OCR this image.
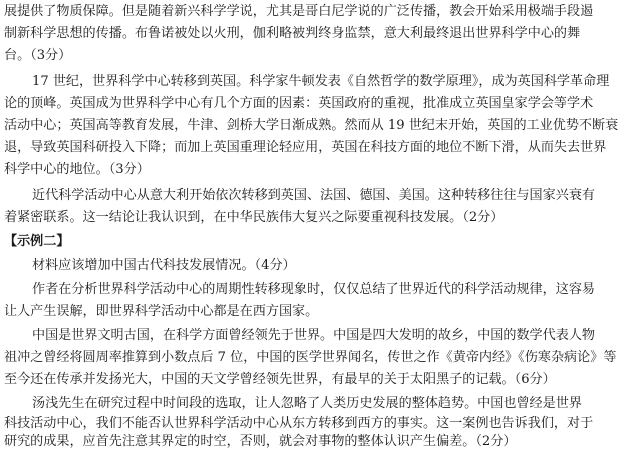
展提供了物质保障。但是随着新兴科学学说，尤其是哥白尼学说的广泛传播，教会开始采用极端手段遏
制新科学思想的传播。布鲁诺被处以火刑，伽利略被判终身监禁，意大利最终退出世界科学中心的舞
台。（3分）
17 世纪，世界科学中心转移到英国。科学家牛顿发表《自然哲学的数学原理》，成为英国科学革命理
论的顶峰。英国成为世界科学中心有几个方面的因素：英国政府的重视，批准成立英国皇家学会等学术
活动中心；英国高等教育发展，牛津、剑桥大学日渐成熟。然而从 19 世纪末开始，英国的工业优势不断衰
退，导致英国科研投入下降；而加上英国重理论轻应用，英国在科技方面的地位不断下滑，从而失去世界
科学中心的地位。（3分）
近代科学活动中心从意大利开始依次转移到英国、法国、德国、美国。这种转移往往与国家兴衰有
着紧密联系。这一结论让我认识到，在中华民族伟大复兴之际要重视科技发展。（2分）
【示例二】
材料应该增加中国古代科技发展情况。（4分）
作者在分析世界科学活动中心的周期性转移现象时，仅仅总结了世界近代的科学活动规律，这容易
让人产生误解，即世界科学活动中心都是在西方国家。
中国是世界文明古国，在科学方面曾经领先于世界。中国是四大发明的故乡，中国的数学代表人物
祖冲之曾经将圆周率推算到小数点后 7 位，中国的医学世界闻名，传世之作《黄帝内经》《伤寒杂病论》等
至今还在传承并发扬光大，中国的天文学曾经领先世界，有最早的关于太阳黑子的记载。（6分）
汤浅先生在研究过程中时间段的选取，让人忽略了人类历史发展的整体趋势。中国也曾经是世界
科技活动中心，我们不能否认世界科学活动中心从东方转移到西方的事实。这一案例也告诉我们，对于
研究的成果，应首先注意其界定的时空，否则，就会对事物的整体认识产生偏差。（2分）
